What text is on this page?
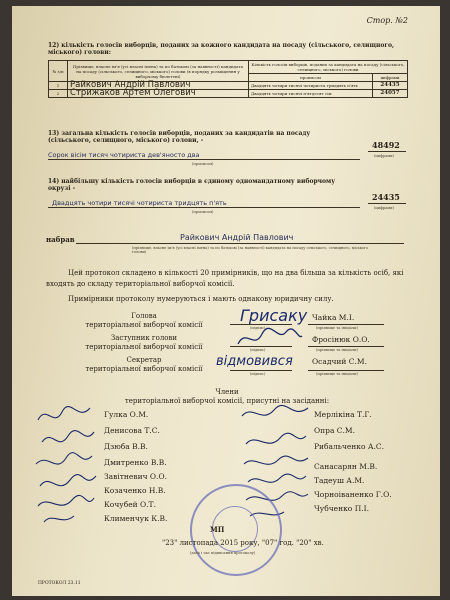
Стор. №2
12) кількість голосів виборців, поданих за кожного кандидата на посаду (сільського, селищного, міського) голови:
№ з/п	Прізвище, власне ім'я (усі власні імена) та по батькові (за наявності) кандидата на посаду (сільського, селищного, міського) голови (в порядку розміщення у виборчому бюлетені)	Кількість голосів виборців, поданих за кандидата на посаду (сільського, селищного, міського) голови	
		прописом	цифрами
1	Райкович Андрій Павлович	Двадцять чотири тисячі чотириста тридцять п'ять	24435
2	Стрижаков Артем Олегович	Двадцять чотири тисячі п'ятдесят сім	24057
13) загальна кількість голосів виборців, поданих за кандидатів на посаду (сільського, селищного, міського) голови, -
Сорок вісім тисяч чотириста дев'яносто два
(прописом)
48492
(цифрами)
14) найбільшу кількість голосів виборців в єдиному одномандатному виборчому окрузі -
Двадцять чотири тисячі чотириста тридцять п'ять
(прописом)
24435
(цифрами)
набрав	Райкович Андрій Павлович
(прізвище, власне ім'я (усі власні імена) та по батькові (за наявності) кандидата на посаду сільського, селищного, міського голови)
Цей протокол складено в кількості 20 примірників, що на два більша за кількість осіб, які входять до складу територіальної виборчої комісії.
Примірники протоколу нумеруються і мають однакову юридичну силу.
Голова
територіальної виборчої комісії	Грисаку
(підпис)
Чайка М.І.
(прізвище та ініціали)
Заступник голови
територіальної виборчої комісії	(підпис)
Фросінюк О.О.
(прізвище та ініціали)
Секретар
територіальної виборчої комісії	відмовився
(підпис)
Осадчий С.М.
(прізвище та ініціали)
Члени
територіальної виборчої комісії, присутні на засіданні:
Гулка О.М.
Денисова Т.С.
Дзюба В.В.
Дмитренко В.В.
Завітневич О.О.
Козаченко Н.В.
Кочубей О.Т.
Клименчук К.В.
Мерлікіна Т.Г.
Опра С.М.
Рибальченко А.С.
Санасарян М.В.
Тадеуш А.М.
Чорноіваненко Г.О.
Чубченко П.І.
МП
"23" листопада 2015 року, "07" год. "20" хв.
(дата і час підписання протоколу)
ПРОТОКОЛ 23.11
